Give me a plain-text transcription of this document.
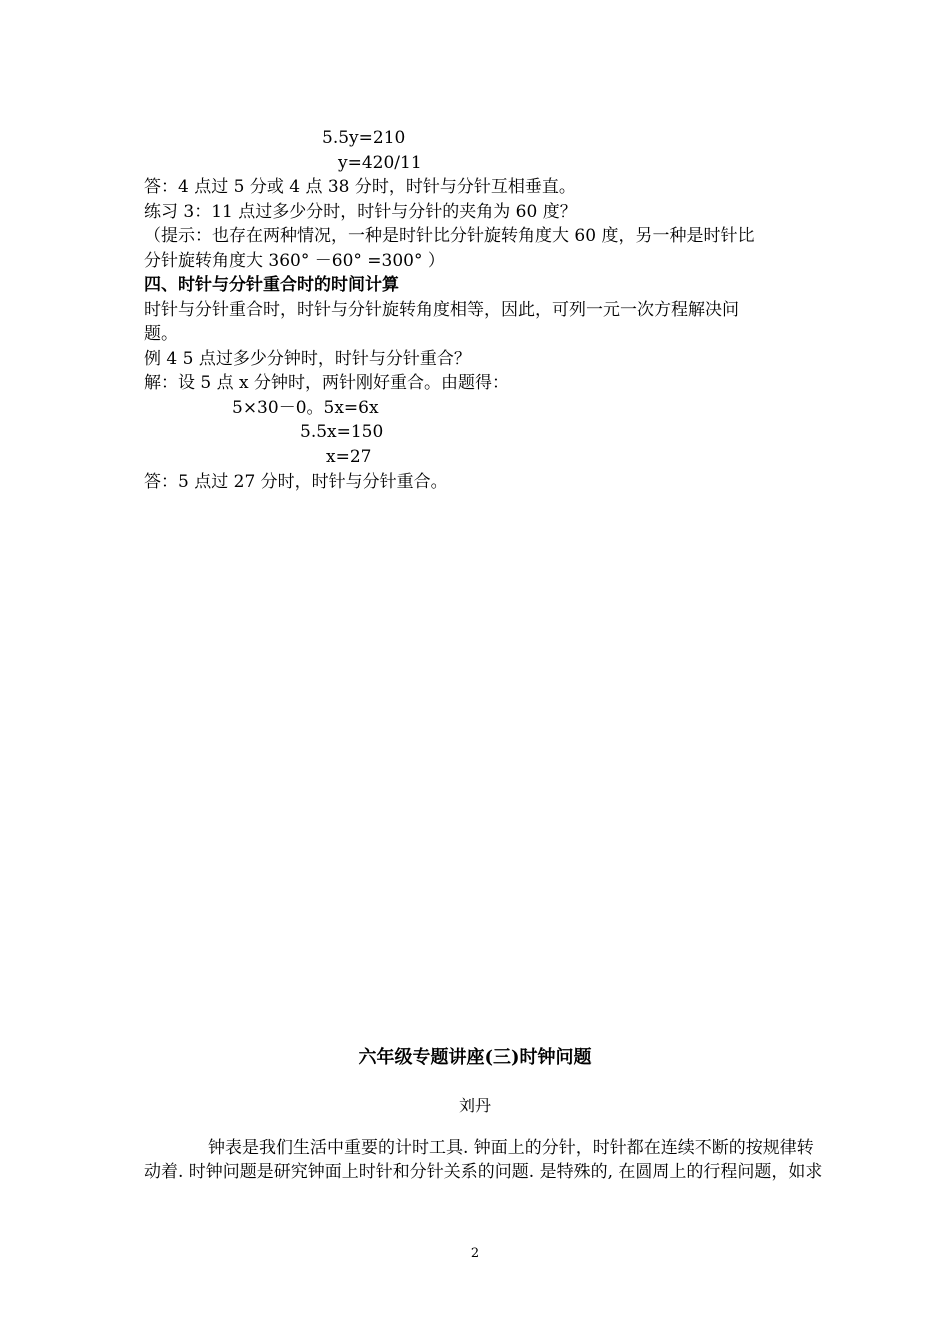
5.5y=210
y=420/11
答：4 点过 5 分或 4 点 38 分时，时针与分针互相垂直。
练习 3：11 点过多少分时，时针与分针的夹角为 60 度？
（提示：也存在两种情况，一种是时针比分针旋转角度大 60 度，另一种是时针比
分针旋转角度大 360° －60° =300° ）
四、时针与分针重合时的时间计算
时针与分针重合时，时针与分针旋转角度相等，因此，可列一元一次方程解决问
题。
例 4 5 点过多少分钟时，时针与分针重合？
解：设 5 点 x 分钟时，两针刚好重合。由题得：
5×30－0。5x=6x
5.5x=150
x=27
答：5 点过 27 分时，时针与分针重合。
六年级专题讲座(三)时钟问题
刘丹
钟表是我们生活中重要的计时工具. 钟面上的分针，时针都在连续不断的按规律转
动着. 时钟问题是研究钟面上时针和分针关系的问题. 是特殊的, 在圆周上的行程问题，如求
2
